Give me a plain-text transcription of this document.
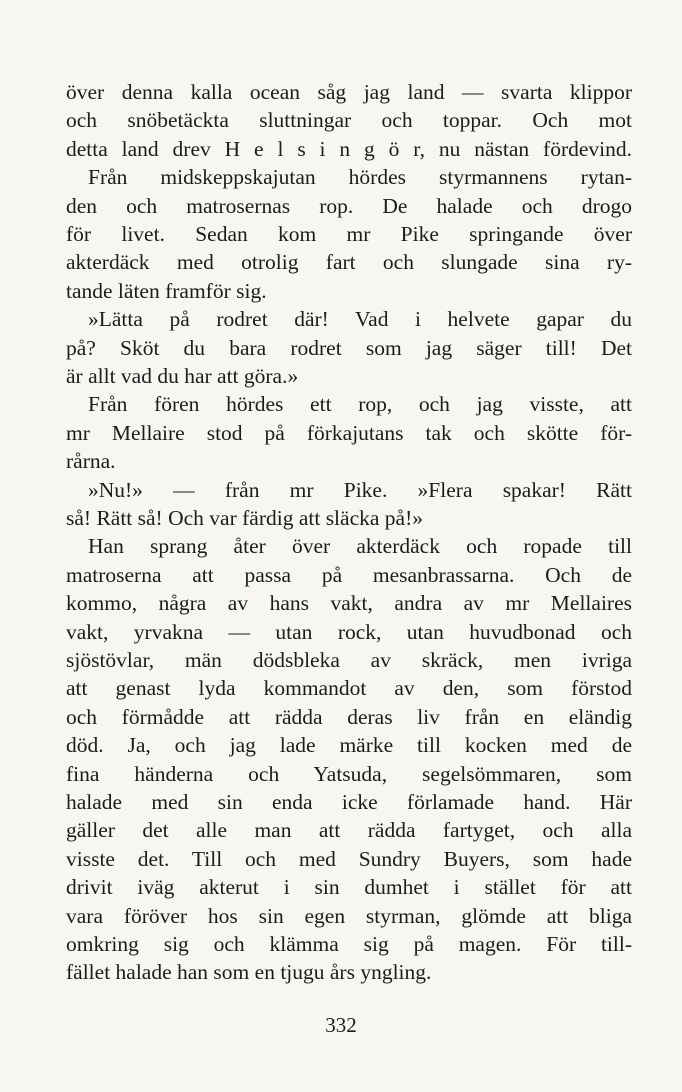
över denna kalla ocean såg jag land — svarta klippor
och snöbetäckta sluttningar och toppar. Och mot
detta land drev H e l s i n g ö r, nu nästan fördevind.
Från midskeppskajutan hördes styrmannens rytan-
den och matrosernas rop. De halade och drogo
för livet. Sedan kom mr Pike springande över
akterdäck med otrolig fart och slungade sina ry-
tande läten framför sig.
»Lätta på rodret där! Vad i helvete gapar du
på? Sköt du bara rodret som jag säger till! Det
är allt vad du har att göra.»
Från fören hördes ett rop, och jag visste, att
mr Mellaire stod på förkajutans tak och skötte för-
rårna.
»Nu!» — från mr Pike. »Flera spakar! Rätt
så! Rätt så! Och var färdig att släcka på!»
Han sprang åter över akterdäck och ropade till
matroserna att passa på mesanbrassarna. Och de
kommo, några av hans vakt, andra av mr Mellaires
vakt, yrvakna — utan rock, utan huvudbonad och
sjöstövlar, män dödsbleka av skräck, men ivriga
att genast lyda kommandot av den, som förstod
och förmådde att rädda deras liv från en eländig
död. Ja, och jag lade märke till kocken med de
fina händerna och Yatsuda, segelsömmaren, som
halade med sin enda icke förlamade hand. Här
gäller det alle man att rädda fartyget, och alla
visste det. Till och med Sundry Buyers, som hade
drivit iväg akterut i sin dumhet i stället för att
vara föröver hos sin egen styrman, glömde att bliga
omkring sig och klämma sig på magen. För till-
fället halade han som en tjugu års yngling.
332
